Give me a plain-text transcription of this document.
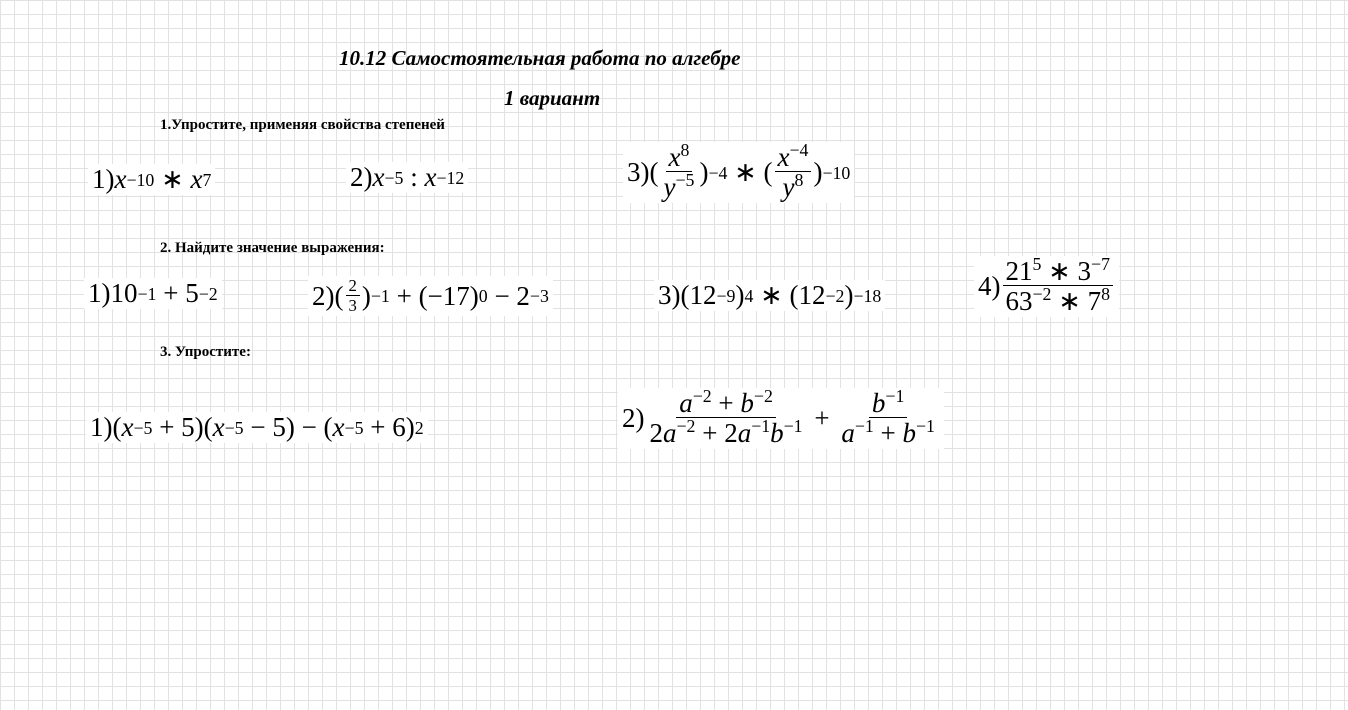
10.12 Самостоятельная работа по алгебре
1 вариант
1.Упростите, применяя свойства степеней
1) x −10
∗
x 7	2) x −5
:
x −12	3) ( $\frac{x^8}{y^{-5}}$ ) −4
∗
( $\frac{x^{-4}}{y^8}$ ) −10
2. Найдите значение выражения:
1) 10 −1
+
5 −2	2) ( $\frac{2}{3}$ ) −1
+
(−17) 0
−
2 −3	3) (12 −9 ) 4
∗
(12 −2 ) −18	$4) \frac{21^5 ∗ 3^{-7}}{63^{-2} ∗ 7^8}$
3. Упростите:
1) ( x −5
+ 5) ( x −5
− 5)
−
( x −5
+ 6) 2	$2) \frac{a^{-2} + b^{-2}}{2a^{-2} + 2a^{-1}b^{-1}}$
+
$\frac{b^{-1}}{a^{-1} + b^{-1}}$
